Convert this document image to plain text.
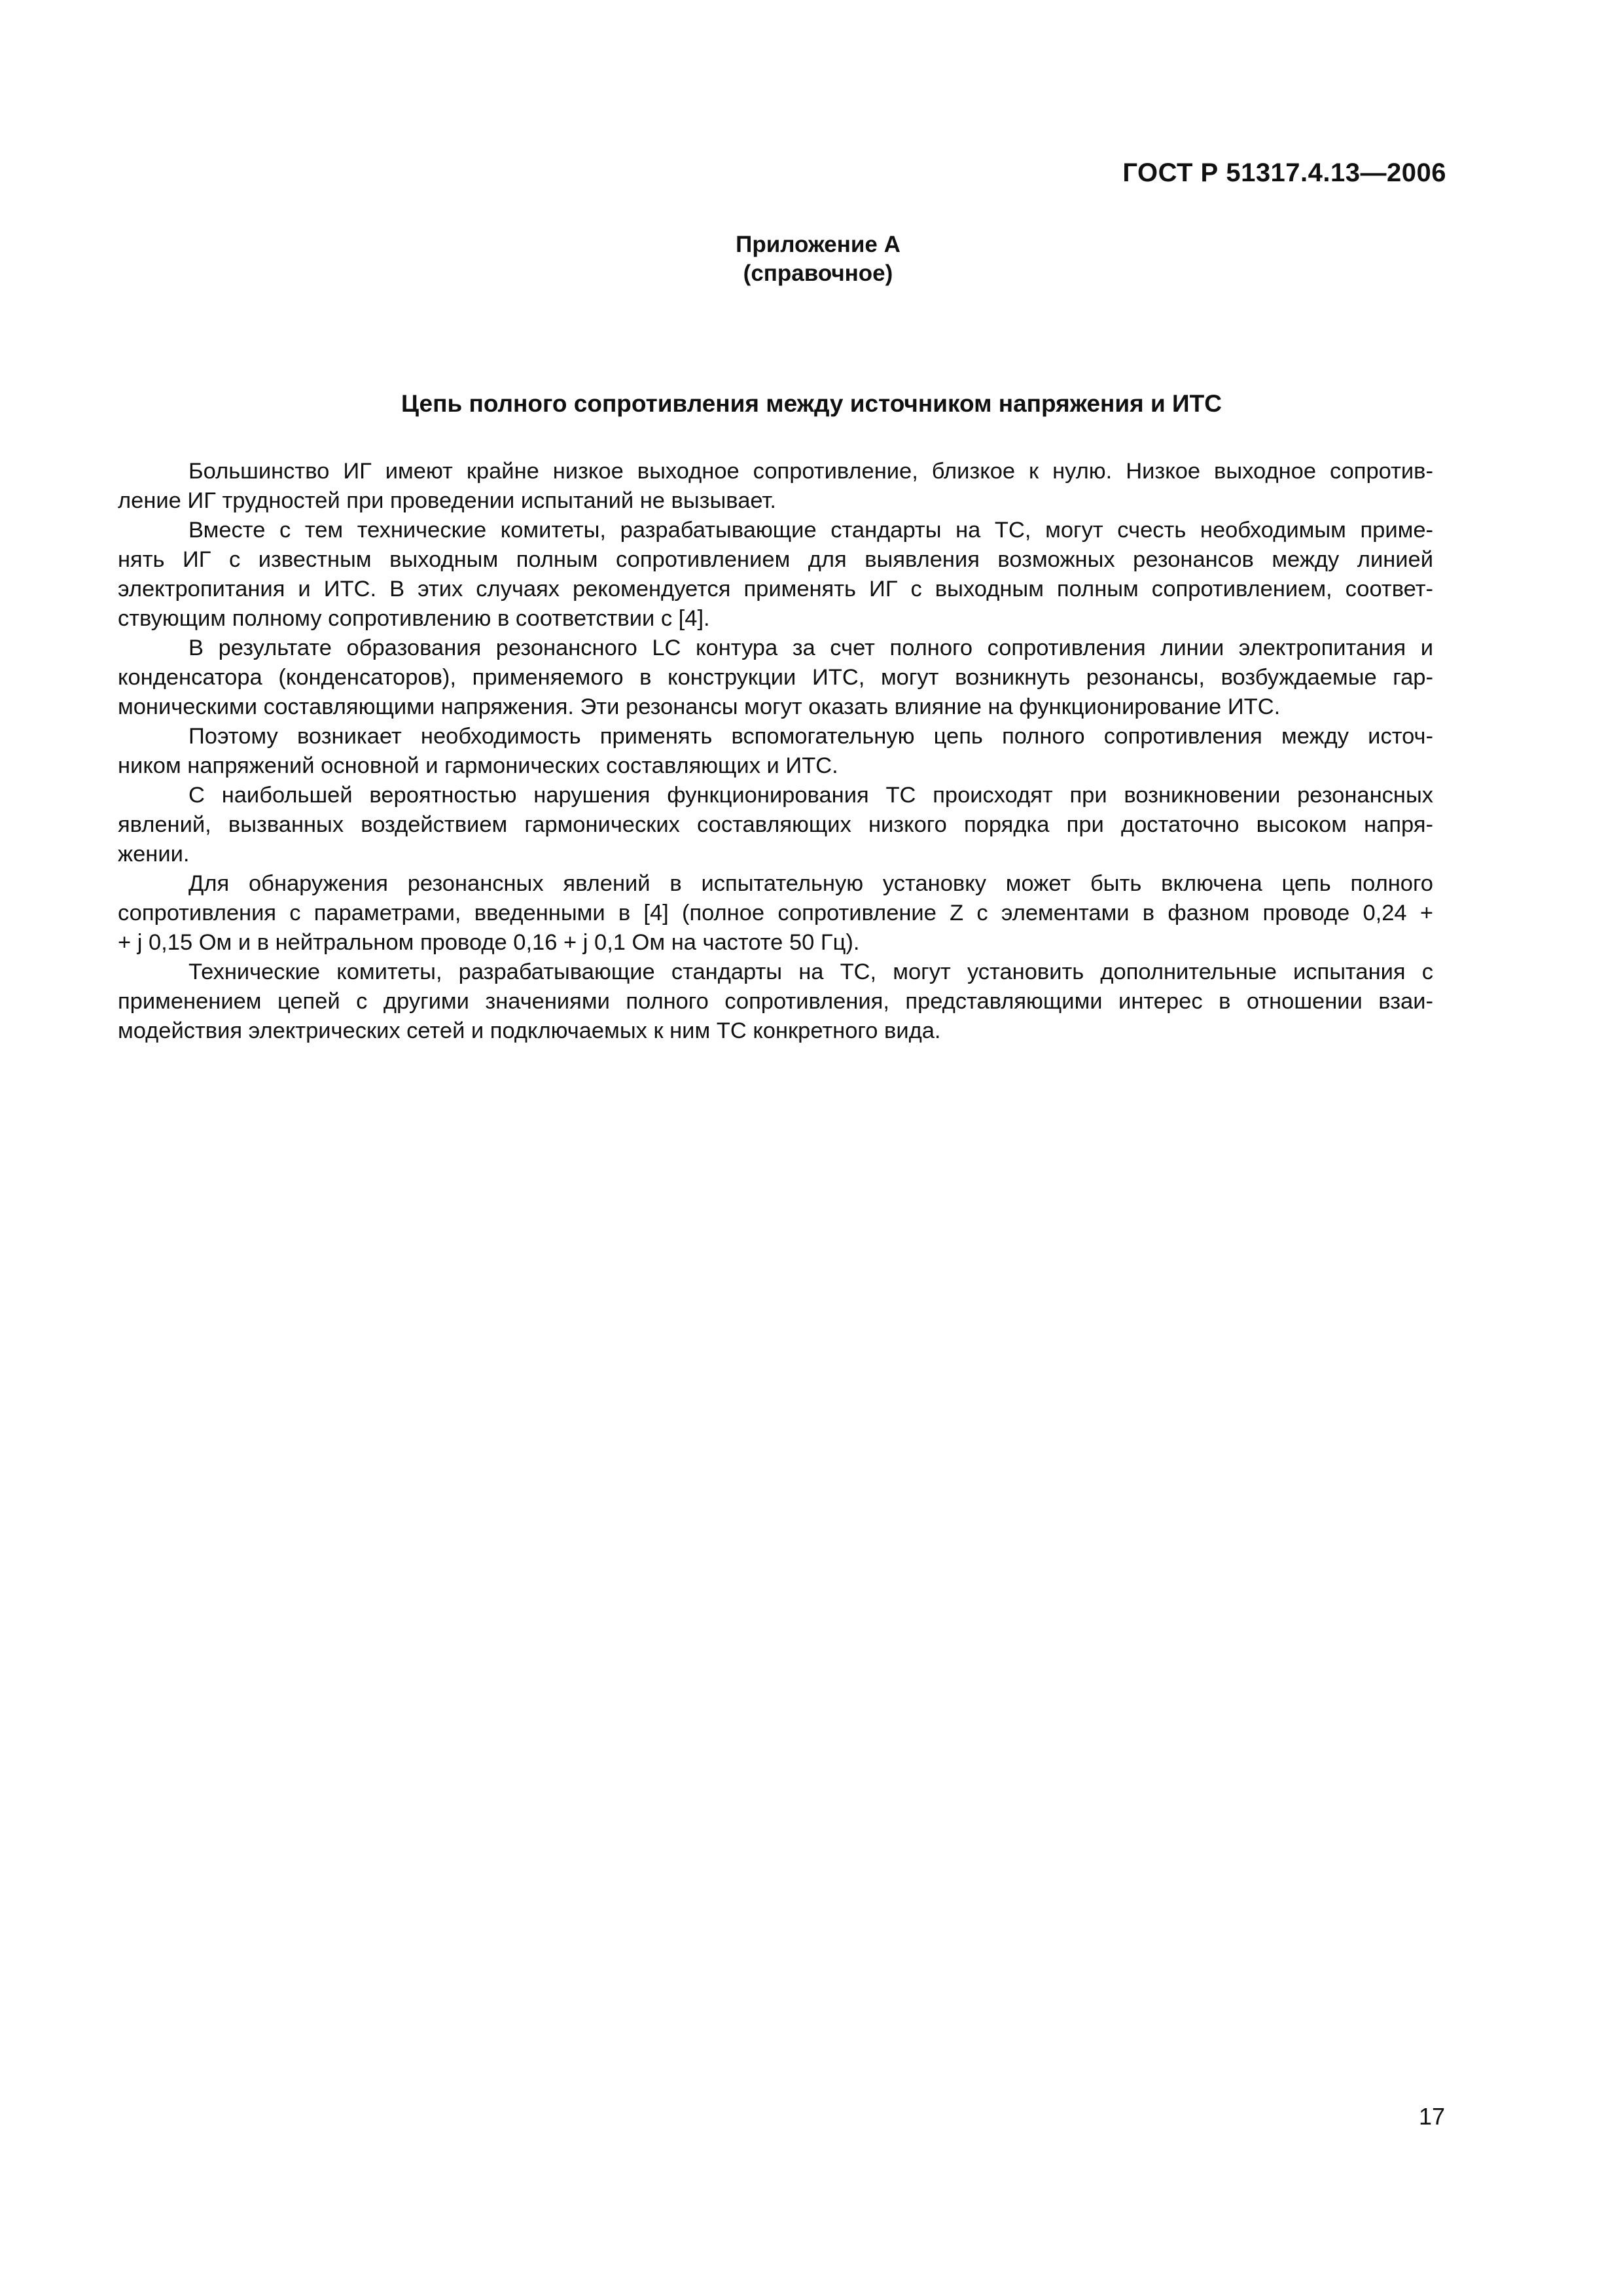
ГОСТ Р 51317.4.13—2006
Приложение А
(справочное)
Цепь полного сопротивления между источником напряжения и ИТС
Большинство ИГ имеют крайне низкое выходное сопротивление, близкое к нулю. Низкое выходное сопротив-
ление ИГ трудностей при проведении испытаний не вызывает.
Вместе с тем технические комитеты, разрабатывающие стандарты на ТС, могут счесть необходимым приме-
нять ИГ с известным выходным полным сопротивлением для выявления возможных резонансов между линией
электропитания и ИТС. В этих случаях рекомендуется применять ИГ с выходным полным сопротивлением, соответ-
ствующим полному сопротивлению в соответствии с [4].
В результате образования резонансного LC контура за счет полного сопротивления линии электропитания и
конденсатора (конденсаторов), применяемого в конструкции ИТС, могут возникнуть резонансы, возбуждаемые гар-
моническими составляющими напряжения. Эти резонансы могут оказать влияние на функционирование ИТС.
Поэтому возникает необходимость применять вспомогательную цепь полного сопротивления между источ-
ником напряжений основной и гармонических составляющих и ИТС.
С наибольшей вероятностью нарушения функционирования ТС происходят при возникновении резонансных
явлений, вызванных воздействием гармонических составляющих низкого порядка при достаточно высоком напря-
жении.
Для обнаружения резонансных явлений в испытательную установку может быть включена цепь полного
сопротивления с параметрами, введенными в [4] (полное сопротивление Z с элементами в фазном проводе 0,24 +
+ j 0,15 Ом и в нейтральном проводе 0,16 + j 0,1 Ом на частоте 50 Гц).
Технические комитеты, разрабатывающие стандарты на ТС, могут установить дополнительные испытания с
применением цепей с другими значениями полного сопротивления, представляющими интерес в отношении взаи-
модействия электрических сетей и подключаемых к ним ТС конкретного вида.
17
